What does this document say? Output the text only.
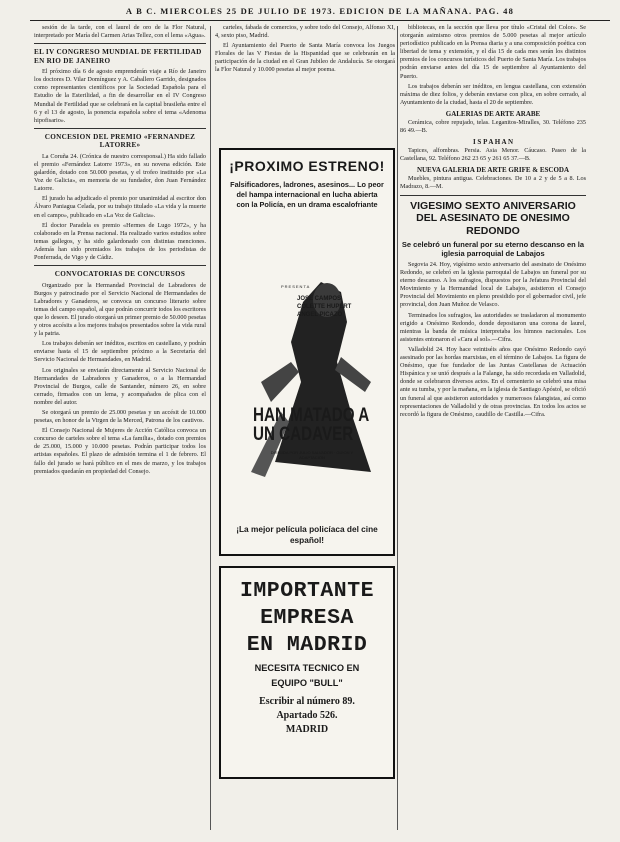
A B C. MIERCOLES 25 DE JULIO DE 1973. EDICION DE LA MAÑANA. PAG. 48

sesión de la tarde, con el laurel de oro de la Flor Natural, interpretado por María del Carmen Arias Tellez, con el lema «Agua».

EL IV CONGRESO MUNDIAL DE FERTILIDAD EN RIO DE JANEIRO

El próximo día 6 de agosto emprenderán viaje a Río de Janeiro los doctores D. Vilar Domínguez y A. Caballero Garrido, designados como representantes científicos por la Sociedad Española para el Estudio de la Esterilidad, a fin de desarrollar en el IV Congreso Mundial de Fertilidad que se celebrará en la capital brasileña entre el 6 y el 13 de agosto, la ponencia española sobre el tema «Adenoma hipofisario».

CONCESION DEL PREMIO «FERNANDEZ LATORRE»

La Coruña 24. (Crónica de nuestro corresponsal.) Ha sido fallado el premio «Fernández Latorre 1973», en su novena edición. Este galardón, dotado con 50.000 pesetas, y el trofeo instituido por «La Voz de Galicia», en memoria de su fundador, don Juan Fernández Latorre.

El jurado ha adjudicado el premio por unanimidad al escritor don Álvaro Paniagua Celada, por su trabajo titulado «La vida y la muerte en el campo», publicado en «La Voz de Galicia».

El doctor Paradela es premio «Hermes de Lugo 1972», y ha colaborado en la Prensa nacional. Ha realizado varios estudios sobre temas gallegos, y ha sido galardonado con distintas menciones. Además han sido premiados los trabajos de los periodistas de Ponferrada, de Vigo y de Cádiz.

CONVOCATORIAS DE CONCURSOS

Organizado por la Hermandad Provincial de Labradores de Burgos y patrocinado por el Servicio Nacional de Hermandades de Labradores y Ganaderos, se convoca un concurso literario sobre temas del campo español, al que podrán concurrir todos los escritores que lo deseen. El jurado otorgará un primer premio de 50.000 pesetas y otros accésits a los mejores trabajos presentados sobre la vida rural y la patria.

Los trabajos deberán ser inéditos, escritos en castellano, y podrán enviarse hasta el 15 de septiembre próximo a la Secretaría del Servicio Nacional de Hermandades, en Madrid.

Los originales se enviarán directamente al Servicio Nacional de Hermandades de Labradores y Ganaderos, o a la Hermandad Provincial de Burgos, calle de Santander, número 26, en sobre cerrado, firmados con un lema, y acompañados de plica con el nombre del autor.

Se otorgará un premio de 25.000 pesetas y un accésit de 10.000 pesetas, en honor de la Virgen de la Merced, Patrona de los cautivos.

El Consejo Nacional de Mujeres de Acción Católica convoca un concurso de carteles sobre el tema «La familia», dotado con premios de 25.000, 15.000 y 10.000 pesetas. Podrán participar todos los artistas españoles. El plazo de admisión termina el 1 de febrero. El fallo del jurado se hará público en el mes de marzo, y los trabajos premiados quedarán en propiedad del Consejo.

carteles, fabada de comercios, y sobre todo del Consejo, Alfonso XI, 4, sexto piso, Madrid.

El Ayuntamiento del Puerto de Santa María convoca los Juegos Florales de las V Fiestas de la Hispanidad que se celebrarán en la participación de la ciudad en el Gran Jubileo de Andalucía. Se otorgará la Flor Natural y 10.000 pesetas al mejor poema.

¡PROXIMO ESTRENO!
Falsificadores, ladrones, asesinos... Lo peor del hampa internacional en lucha abierta con la Policía, en un drama escalofriante
JOSE CAMPOS
COLETTE HUPERT
ANGEL PICAZO
PRESENTA
HAN MATADO A UN CADAVER
DIRIGIDA POR JULIO SALVADOR · GUION Y ADAPTACION
¡La mejor película policíaca del cine español!
IMPORTANTE
EMPRESA
EN MADRID
NECESITA TECNICO EN
EQUIPO "BULL"
Escribir al número 89.
Apartado 526.
MADRID

bibliotecas, en la sección que lleva por título «Cristal del Color». Se otorgarán asimismo otros premios de 5.000 pesetas al mejor artículo periodístico publicado en la Prensa diaria y a una composición poética con libertad de tema y extensión, y el día 15 de cada mes serán los distintos premios de los concursos turísticos del Puerto de Santa María. Los trabajos podrán enviarse antes del día 15 de septiembre al Ayuntamiento del Puerto.

Los trabajos deberán ser inéditos, en lengua castellana, con extensión máxima de diez folios, y deberán enviarse con plica, en sobre cerrado, al Ayuntamiento de la ciudad, hasta el 20 de septiembre.

GALERIAS DE ARTE ARABE

Cerámica, cobre repujado, telas. Leganitos-Miralles, 30. Teléfono 235 86 49.—B.

I S P A H A N

Tapices, alfombras. Persia. Asia Menor. Cáucaso. Paseo de la Castellana, 92. Teléfono 262 23 65 y 261 65 37.—B.

NUEVA GALERIA DE ARTE GRIFE & ESCODA

Muebles, pintura antigua. Celebraciones. De 10 a 2 y de 5 a 8. Los Madrazo, 8.—M.

VIGESIMO SEXTO ANIVERSARIO DEL ASESINATO DE ONESIMO REDONDO
Se celebró un funeral por su eterno descanso en la iglesia parroquial de Labajos

Segovia 24. Hoy, vigésimo sexto aniversario del asesinato de Onésimo Redondo, se celebró en la iglesia parroquial de Labajos un funeral por su eterno descanso. A los sufragios, dispuestos por la Jefatura Provincial del Movimiento y la Hermandad local de Labajos, asistieron el Consejo Provincial del Movimiento en pleno presidido por el gobernador civil, jefe provincial, don Juan Muñoz de Velasco.

Terminados los sufragios, las autoridades se trasladaron al monumento erigido a Onésimo Redondo, donde depositaron una corona de laurel, mientras la banda de música interpretaba los himnos nacionales. Los asistentes entonaron el «Cara al sol».—Cifra.

Valladolid 24. Hoy hace veintiséis años que Onésimo Redondo cayó asesinado por las hordas marxistas, en el término de Labajos. La figura de Onésimo, que fue fundador de las Juntas Castellanas de Actuación Hispánica y se unió después a la Falange, ha sido recordada en Valladolid, donde se celebraron diversos actos. En el cementerio se celebró una misa ante su tumba, y por la mañana, en la iglesia de Santiago Apóstol, se ofició un funeral al que asistieron autoridades y numerosos falangistas, así como representaciones de Valladolid y de otras provincias. En todos los actos se recordó la figura de Onésimo, caudillo de Castilla.—Cifra.
